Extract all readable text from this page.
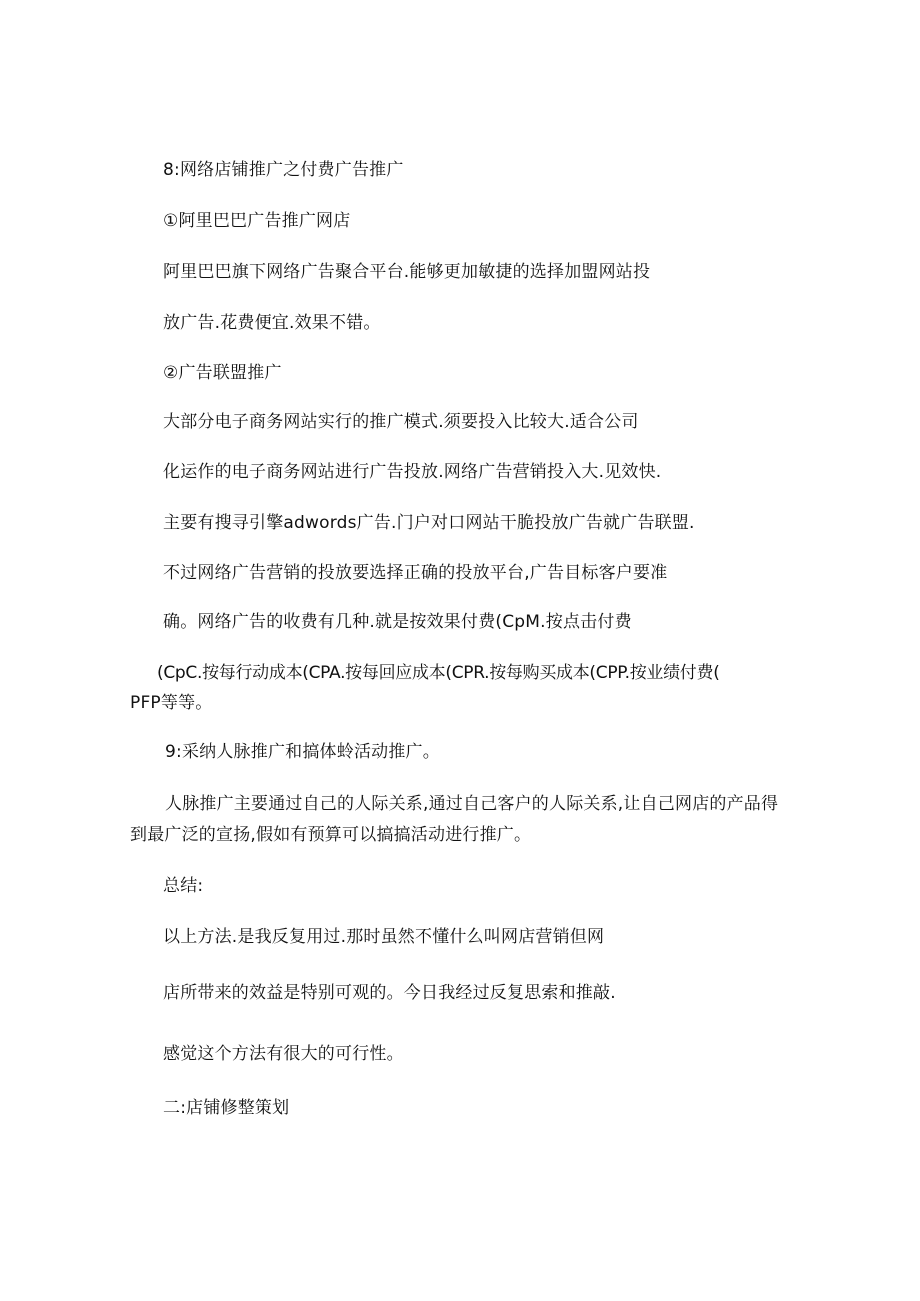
8:网络店铺推广之付费广告推广
①阿里巴巴广告推广网店
阿里巴巴旗下网络广告聚合平台.能够更加敏捷的选择加盟网站投
放广告.花费便宜.效果不错。
②广告联盟推广
大部分电子商务网站实行的推广模式.须要投入比较大.适合公司
化运作的电子商务网站进行广告投放.网络广告营销投入大.见效快.
主要有搜寻引擎adwords广告.门户对口网站干脆投放广告就广告联盟.
不过网络广告营销的投放要选择正确的投放平台,广告目标客户要准
确。网络广告的收费有几种.就是按效果付费(CpM.按点击付费
(CpC.按每行动成本(CPA.按每回应成本(CPR.按每购买成本(CPP.按业绩付费(
PFP等等。
9:采纳人脉推广和搞体蛉活动推广。
人脉推广主要通过自己的人际关系,通过自己客户的人际关系,让自己网店的产品得
到最广泛的宣扬,假如有预算可以搞搞活动进行推广。
总结:
以上方法.是我反复用过.那时虽然不懂什么叫网店营销但网
店所带来的效益是特别可观的。今日我经过反复思索和推敲.
感觉这个方法有很大的可行性。
二:店铺修整策划
